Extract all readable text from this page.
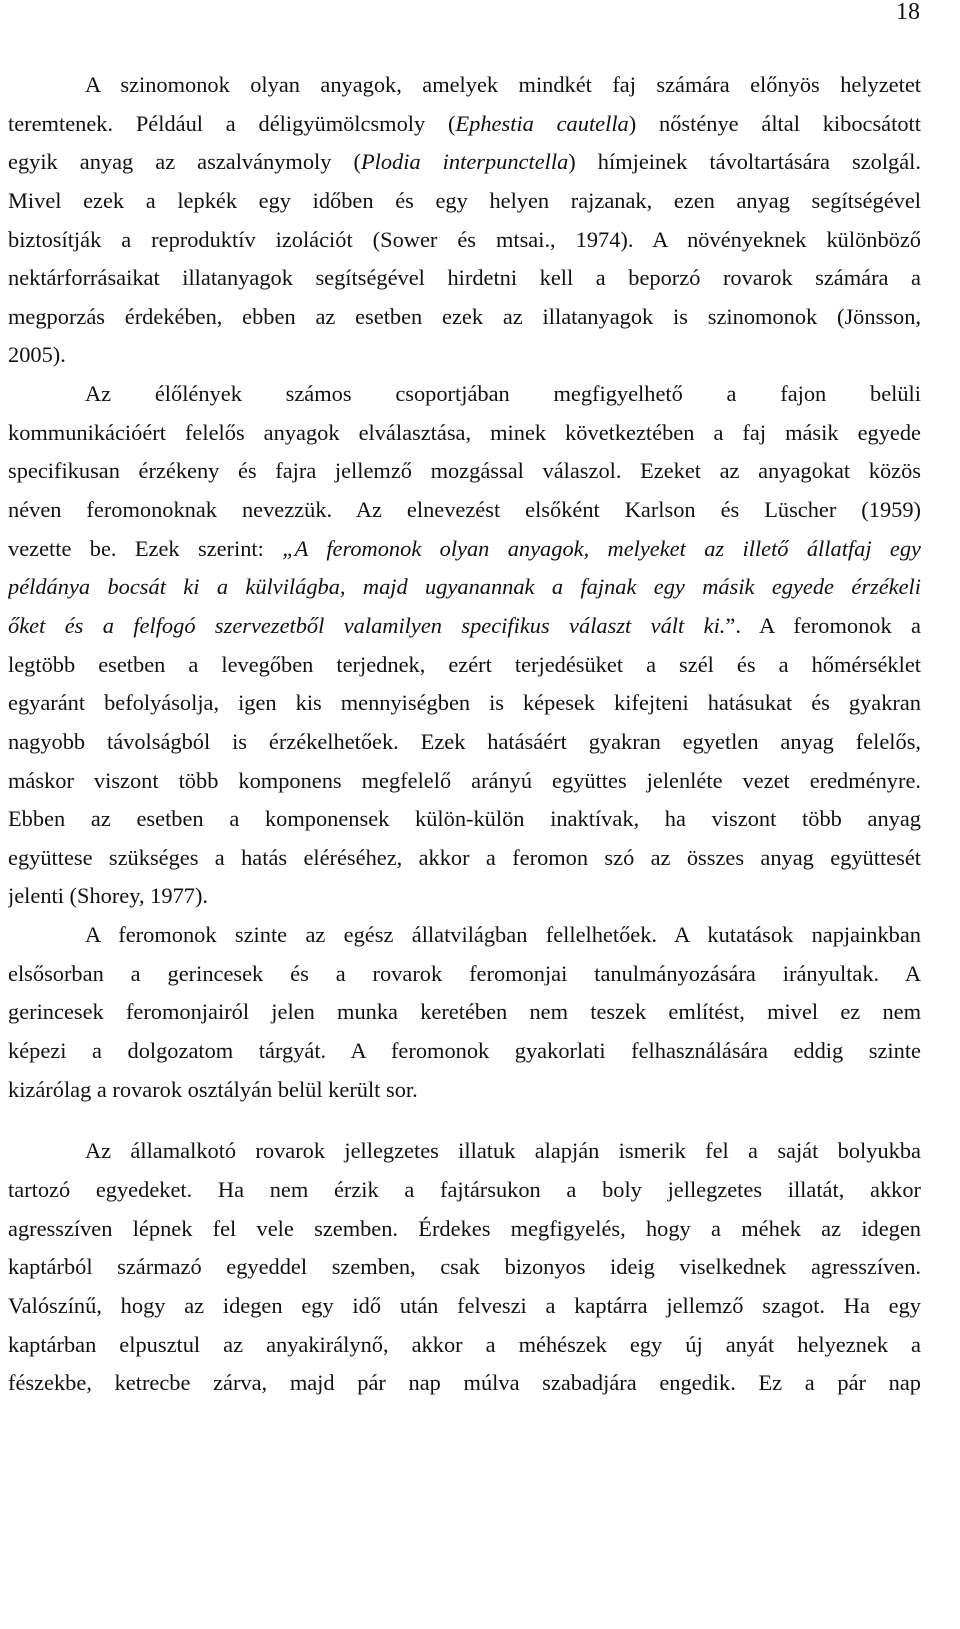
18
A szinomonok olyan anyagok, amelyek mindkét faj számára előnyös helyzetet
teremtenek. Például a déligyümölcsmoly (Ephestia cautella) nősténye által kibocsátott
egyik anyag az aszalványmoly (Plodia interpunctella) hímjeinek távoltartására szolgál.
Mivel ezek a lepkék egy időben és egy helyen rajzanak, ezen anyag segítségével
biztosítják a reproduktív izolációt (Sower és mtsai., 1974). A növényeknek különböző
nektárforrásaikat illatanyagok segítségével hirdetni kell a beporzó rovarok számára a
megporzás érdekében, ebben az esetben ezek az illatanyagok is szinomonok (Jönsson,
2005).
Az élőlények számos csoportjában megfigyelhető a fajon belüli
kommunikációért felelős anyagok elválasztása, minek következtében a faj másik egyede
specifikusan érzékeny és fajra jellemző mozgással válaszol. Ezeket az anyagokat közös
néven feromonoknak nevezzük. Az elnevezést elsőként Karlson és Lüscher (1959)
vezette be. Ezek szerint: „A feromonok olyan anyagok, melyeket az illető állatfaj egy
példánya bocsát ki a külvilágba, majd ugyanannak a fajnak egy másik egyede érzékeli
őket és a felfogó szervezetből valamilyen specifikus választ vált ki.”. A feromonok a
legtöbb esetben a levegőben terjednek, ezért terjedésüket a szél és a hőmérséklet
egyaránt befolyásolja, igen kis mennyiségben is képesek kifejteni hatásukat és gyakran
nagyobb távolságból is érzékelhetőek. Ezek hatásáért gyakran egyetlen anyag felelős,
máskor viszont több komponens megfelelő arányú együttes jelenléte vezet eredményre.
Ebben az esetben a komponensek külön-külön inaktívak, ha viszont több anyag
együttese szükséges a hatás eléréséhez, akkor a feromon szó az összes anyag együttesét
jelenti (Shorey, 1977).
A feromonok szinte az egész állatvilágban fellelhetőek. A kutatások napjainkban
elsősorban a gerincesek és a rovarok feromonjai tanulmányozására irányultak. A
gerincesek feromonjairól jelen munka keretében nem teszek említést, mivel ez nem
képezi a dolgozatom tárgyát. A feromonok gyakorlati felhasználására eddig szinte
kizárólag a rovarok osztályán belül került sor.
Az államalkotó rovarok jellegzetes illatuk alapján ismerik fel a saját bolyukba
tartozó egyedeket. Ha nem érzik a fajtársukon a boly jellegzetes illatát, akkor
agresszíven lépnek fel vele szemben. Érdekes megfigyelés, hogy a méhek az idegen
kaptárból származó egyeddel szemben, csak bizonyos ideig viselkednek agresszíven.
Valószínű, hogy az idegen egy idő után felveszi a kaptárra jellemző szagot. Ha egy
kaptárban elpusztul az anyakirálynő, akkor a méhészek egy új anyát helyeznek a
fészekbe, ketrecbe zárva, majd pár nap múlva szabadjára engedik. Ez a pár nap
